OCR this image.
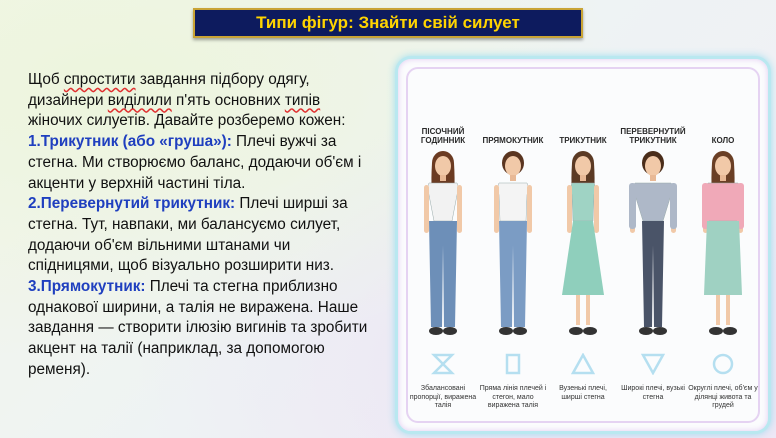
Типи фігур: Знайти свій силует

Щоб спростити завдання підбору одягу, дизайнери виділили п'ять основних типів жіночих силуетів. Давайте розберемо кожен:

1.Трикутник (або «груша»): Плечі вужчі за стегна. Ми створюємо баланс, додаючи об'єм і акценти у верхній частині тіла.

2.Перевернутий трикутник: Плечі ширші за стегна. Тут, навпаки, ми балансуємо силует, додаючи об'єм вільними штанами чи спідницями, щоб візуально розширити низ.

3.Прямокутник: Плечі та стегна приблизно однакової ширини, а талія не виражена. Наше завдання — створити ілюзію вигинів та зробити акцент на талії (наприклад, за допомогою ременя).

ПІСОЧНИЙ ГОДИННИК
Збалансовані пропорції, виражена талія
ПРЯМОКУТНИК
Пряма лінія плечей і стегон, мало виражена талія
ТРИКУТНИК
Вузенькі плечі, ширші стегна
ПЕРЕВЕРНУТИЙ ТРИКУТНИК
Широкі плечі, вузькі стегна
КОЛО
Округлі плечі, об'єм у ділянці живота та грудей
